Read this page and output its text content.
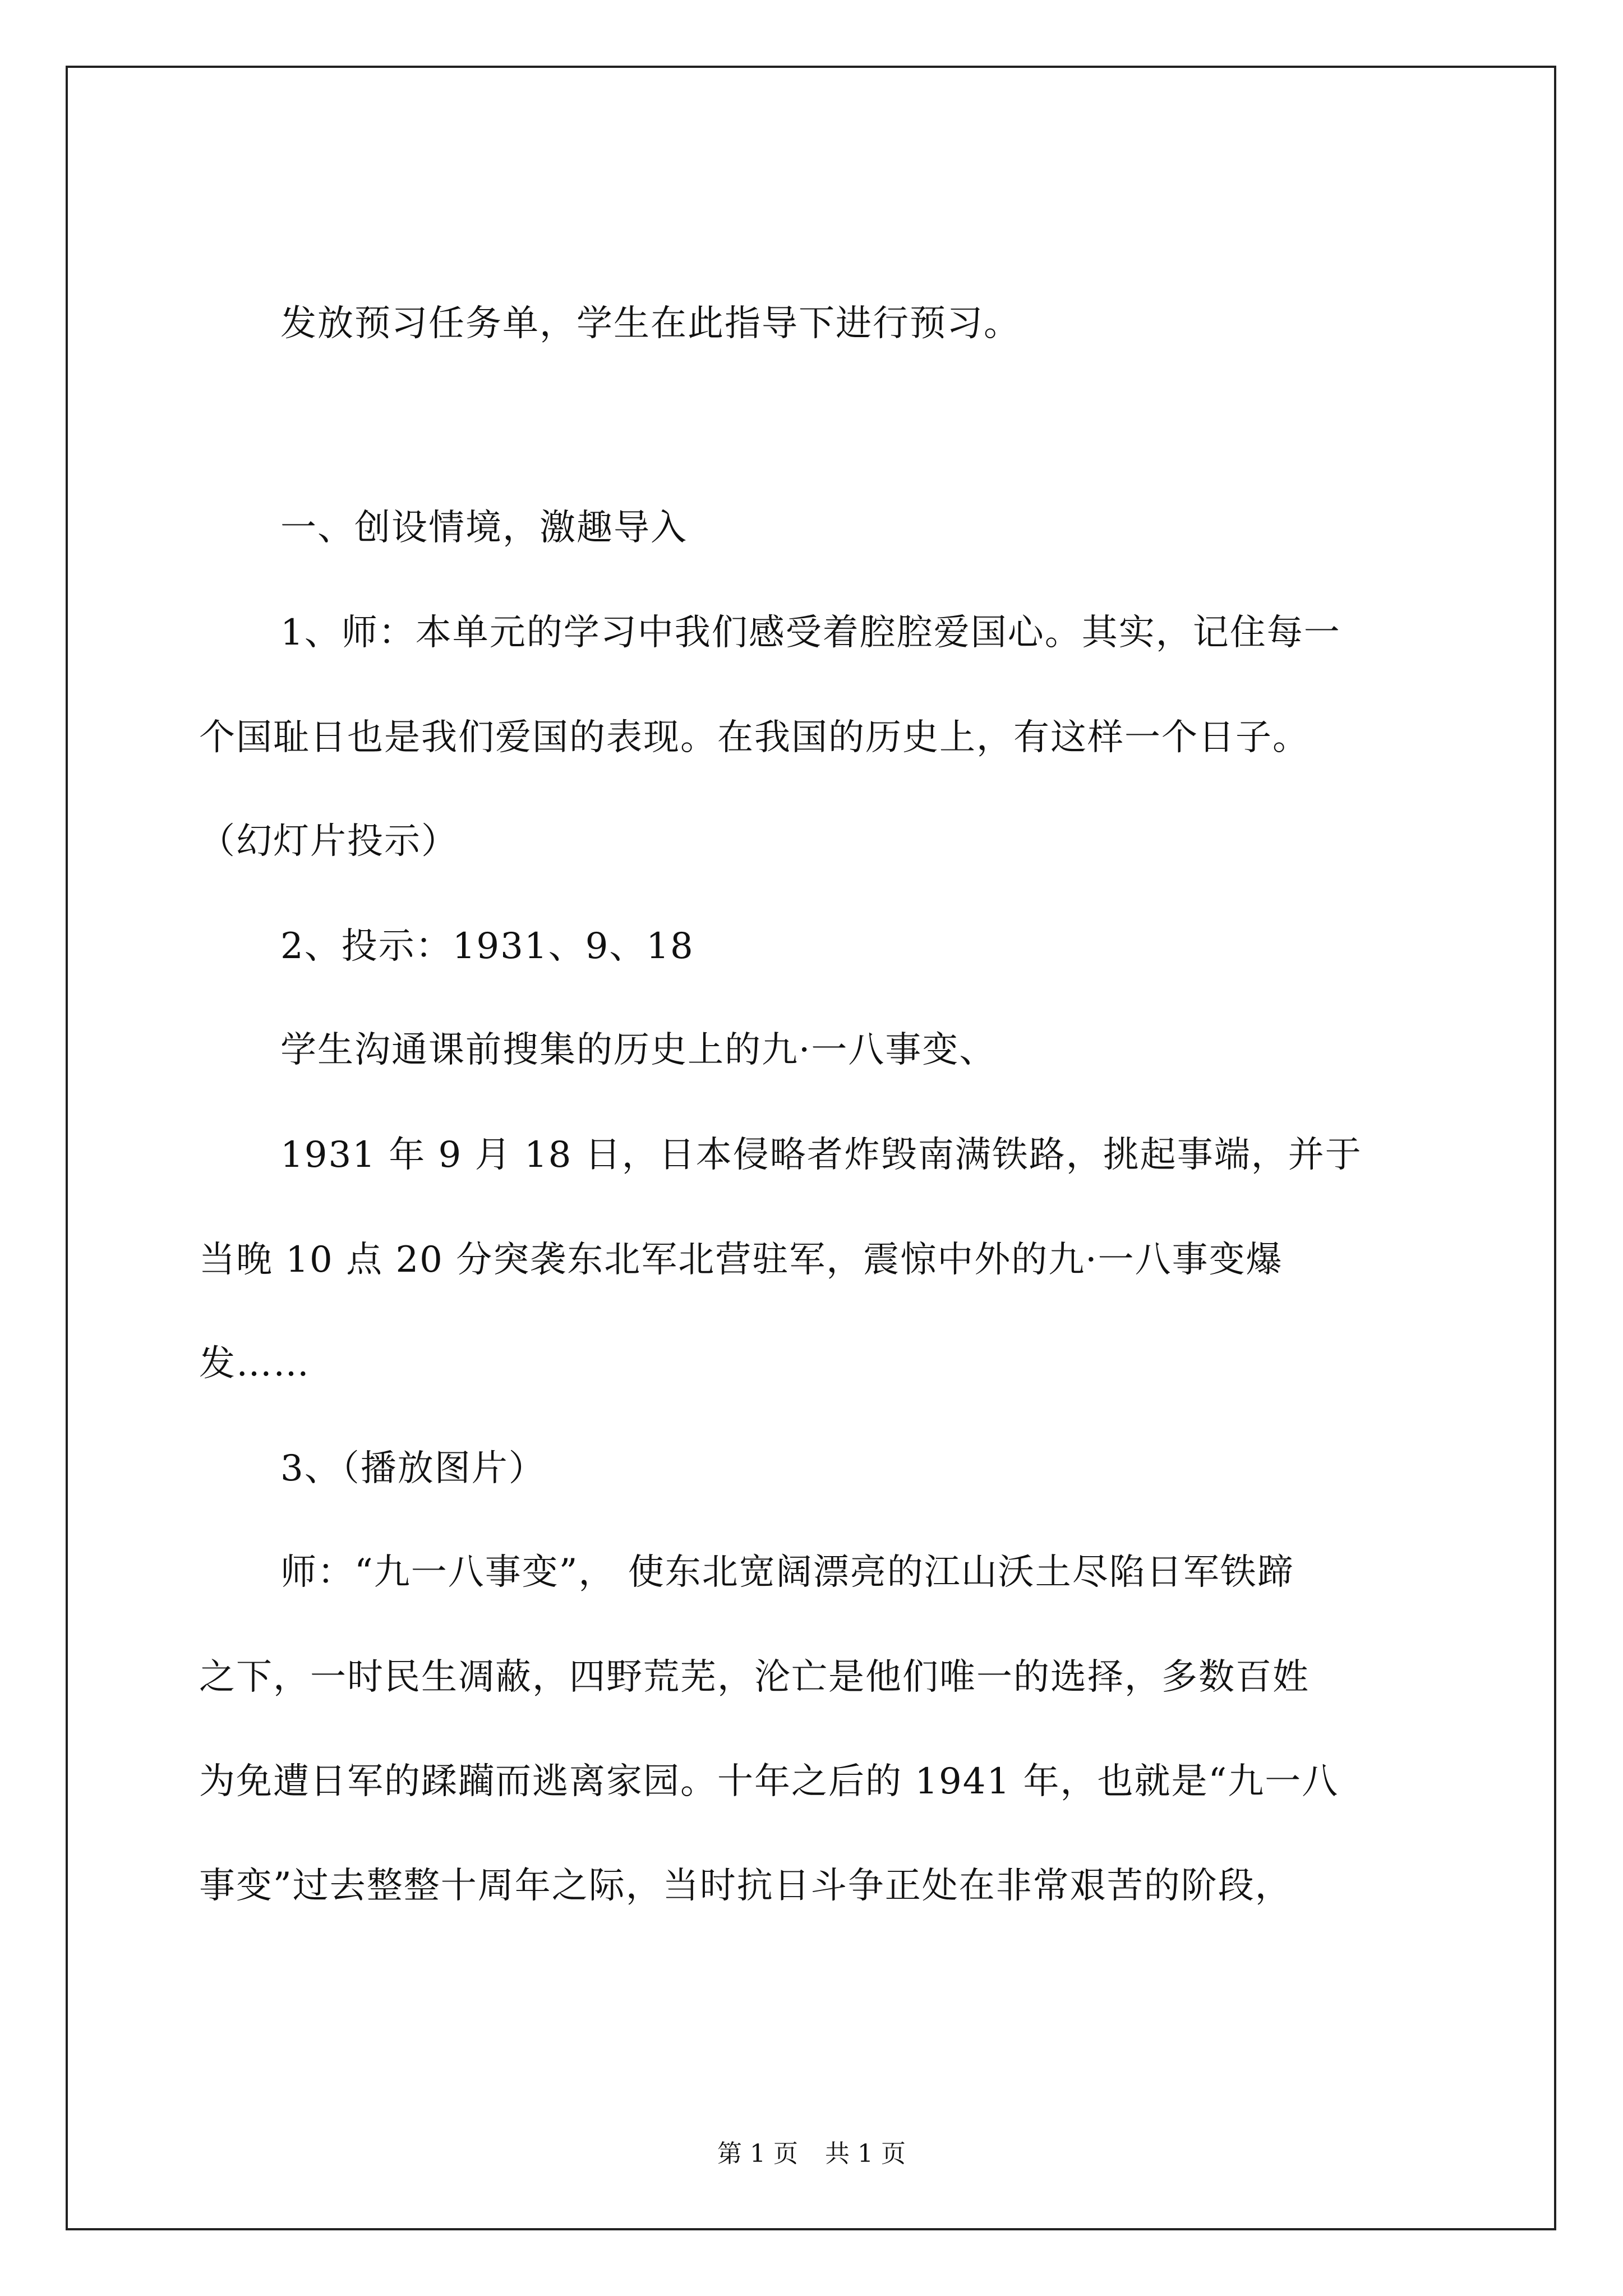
发放预习任务单，学生在此指导下进行预习。
一、创设情境，激趣导入
1、师：本单元的学习中我们感受着腔腔爱国心。其实，记住每一
个国耻日也是我们爱国的表现。在我国的历史上，有这样一个日子。
（幻灯片投示）
2、投示：1931、9、18
学生沟通课前搜集的历史上的九·一八事变、
1931 年 9 月 18 日，日本侵略者炸毁南满铁路，挑起事端，并于
当晚 10 点 20 分突袭东北军北营驻军，震惊中外的九·一八事变爆
发……
3、（播放图片）
师：“九一八事变”， 使东北宽阔漂亮的江山沃土尽陷日军铁蹄
之下，一时民生凋蔽，四野荒芜，沦亡是他们唯一的选择，多数百姓
为免遭日军的蹂躏而逃离家园。十年之后的 1941 年，也就是“九一八
事变”过去整整十周年之际，当时抗日斗争正处在非常艰苦的阶段，
第 1 页 共 1 页
